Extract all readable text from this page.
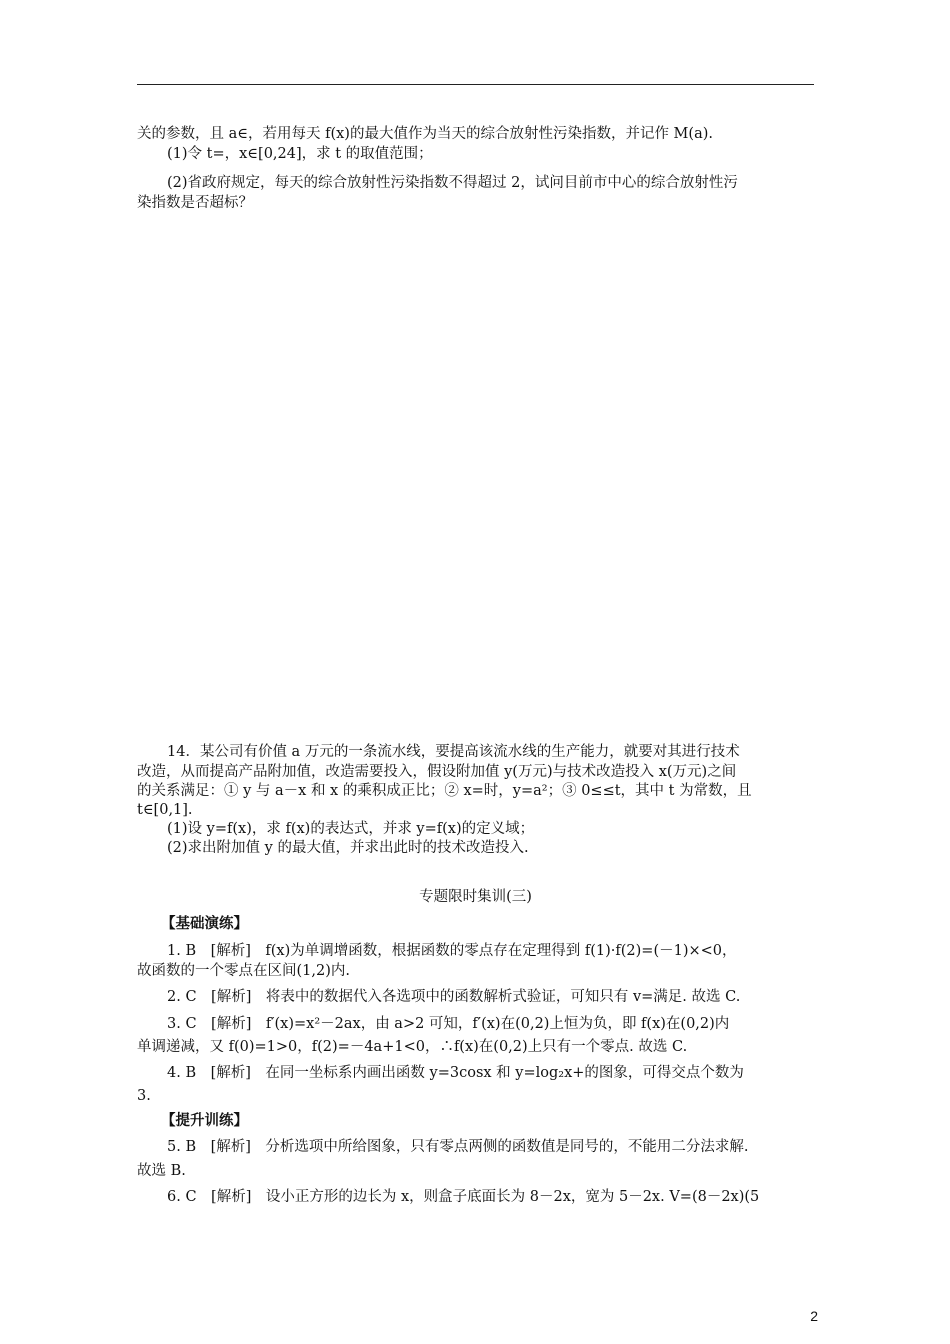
关的参数，且 a∈，若用每天 f(x)的最大值作为当天的综合放射性污染指数，并记作 M(a).
(1)令 t=，x∈[0,24]，求 t 的取值范围；
(2)省政府规定，每天的综合放射性污染指数不得超过 2，试问目前市中心的综合放射性污
染指数是否超标？
14．某公司有价值 a 万元的一条流水线，要提高该流水线的生产能力，就要对其进行技术
改造，从而提高产品附加值，改造需要投入，假设附加值 y(万元)与技术改造投入 x(万元)之间
的关系满足：① y 与 a－x 和 x 的乘积成正比；② x=时，y=a²；③ 0≤≤t，其中 t 为常数，且
t∈[0,1].
(1)设 y=f(x)，求 f(x)的表达式，并求 y=f(x)的定义域；
(2)求出附加值 y 的最大值，并求出此时的技术改造投入.
专题限时集训(三)
【基础演练】
1. B　[解析]　f(x)为单调增函数，根据函数的零点存在定理得到 f(1)·f(2)=(－1)×<0，
故函数的一个零点在区间(1,2)内.
2. C　[解析]　将表中的数据代入各选项中的函数解析式验证，可知只有 v=满足. 故选 C.
3. C　[解析]　f′(x)=x²－2ax，由 a>2 可知，f′(x)在(0,2)上恒为负，即 f(x)在(0,2)内
单调递减，又 f(0)=1>0，f(2)=－4a+1<0，∴f(x)在(0,2)上只有一个零点. 故选 C.
4. B　[解析]　在同一坐标系内画出函数 y=3cosx 和 y=log₂x+的图象，可得交点个数为
3.
【提升训练】
5. B　[解析]　分析选项中所给图象，只有零点两侧的函数值是同号的，不能用二分法求解.
故选 B.
6. C　[解析]　设小正方形的边长为 x，则盒子底面长为 8－2x，宽为 5－2x. V=(8－2x)(5
2
